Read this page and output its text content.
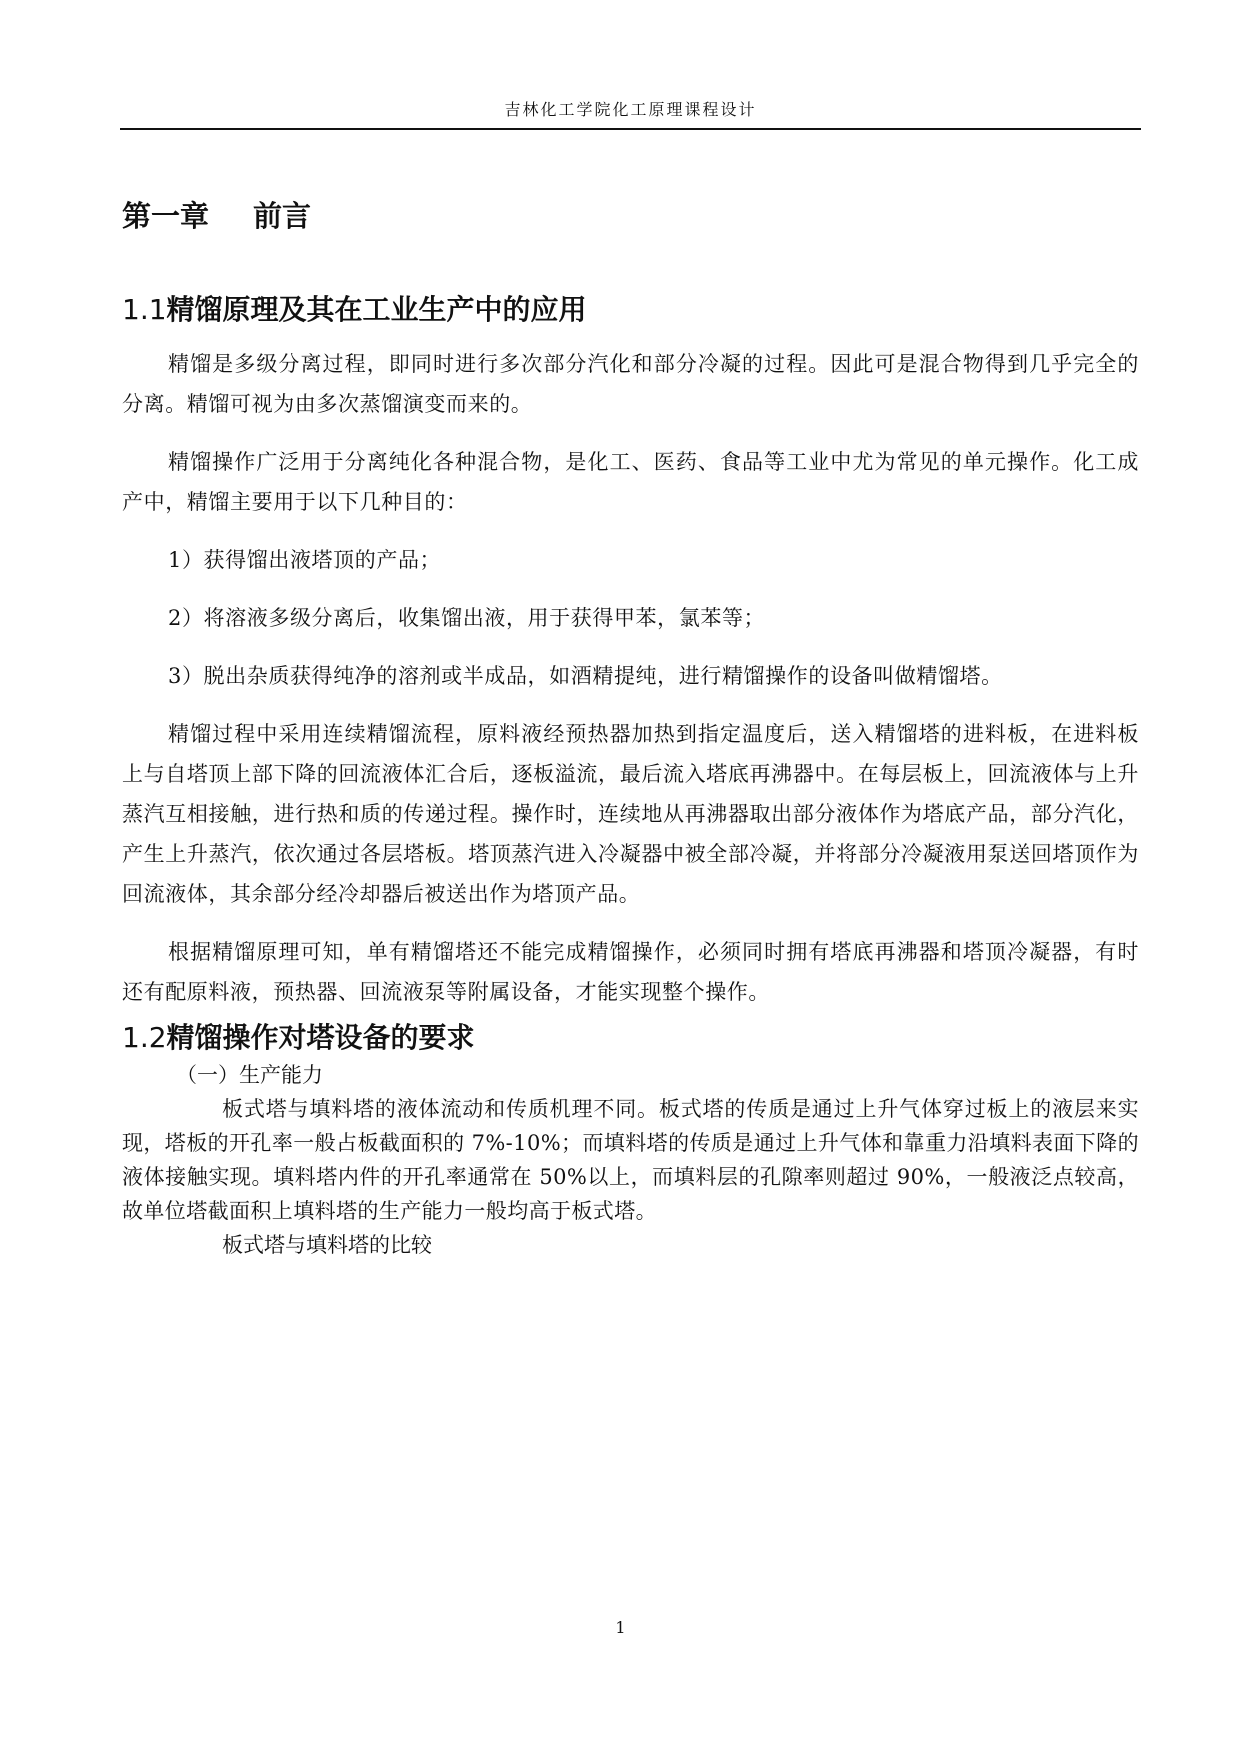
吉林化工学院化工原理课程设计
第一章 前言
1.1精馏原理及其在工业生产中的应用

精馏是多级分离过程，即同时进行多次部分汽化和部分冷凝的过程。因此可是混合物得到几乎完全的分离。精馏可视为由多次蒸馏演变而来的。

精馏操作广泛用于分离纯化各种混合物，是化工、医药、食品等工业中尤为常见的单元操作。化工成产中，精馏主要用于以下几种目的：

1）获得馏出液塔顶的产品；

2）将溶液多级分离后，收集馏出液，用于获得甲苯，氯苯等；

3）脱出杂质获得纯净的溶剂或半成品，如酒精提纯，进行精馏操作的设备叫做精馏塔。

精馏过程中采用连续精馏流程，原料液经预热器加热到指定温度后，送入精馏塔的进料板，在进料板上与自塔顶上部下降的回流液体汇合后，逐板溢流，最后流入塔底再沸器中。在每层板上，回流液体与上升蒸汽互相接触，进行热和质的传递过程。操作时，连续地从再沸器取出部分液体作为塔底产品，部分汽化，产生上升蒸汽，依次通过各层塔板。塔顶蒸汽进入冷凝器中被全部冷凝，并将部分冷凝液用泵送回塔顶作为回流液体，其余部分经冷却器后被送出作为塔顶产品。

根据精馏原理可知，单有精馏塔还不能完成精馏操作，必须同时拥有塔底再沸器和塔顶冷凝器，有时还有配原料液，预热器、回流液泵等附属设备，才能实现整个操作。

1.2精馏操作对塔设备的要求
（一）生产能力

板式塔与填料塔的液体流动和传质机理不同。板式塔的传质是通过上升气体穿过板上的液层来实现，塔板的开孔率一般占板截面积的 7%-10%；而填料塔的传质是通过上升气体和靠重力沿填料表面下降的液体接触实现。填料塔内件的开孔率通常在 50%以上，而填料层的孔隙率则超过 90%，一般液泛点较高，故单位塔截面积上填料塔的生产能力一般均高于板式塔。

板式塔与填料塔的比较

1
